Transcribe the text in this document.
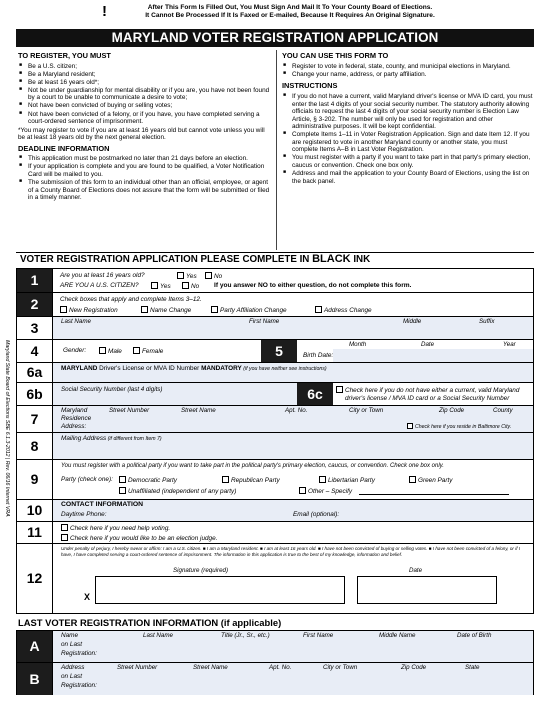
!	After This Form Is Filled Out, You Must Sign And Mail It To Your County Board of Elections.
It Cannot Be Processed If It Is Faxed or E-mailed, Because It Requires An Original Signature.
MARYLAND VOTER REGISTRATION APPLICATION
TO REGISTER, YOU MUST
■ Be a U.S. citizen;
■ Be a Maryland resident;
■ Be at least 16 years old*;
■ Not be under guardianship for mental disability or if you are, you have not been found by a court to be unable to communicate a desire to vote;
■ Not have been convicted of buying or selling votes;
■ Not have been convicted of a felony, or if you have, you have completed serving a court-ordered sentence of imprisonment.

*You may register to vote if you are at least 16 years old but cannot vote unless you will be at least 18 years old by the next general election.

DEADLINE INFORMATION
■ This application must be postmarked no later than 21 days before an election.
■ If your application is complete and you are found to be qualified, a Voter Notification Card will be mailed to you.
■ The submission of this form to an individual other than an official, employee, or agent of a County Board of Elections does not assure that the form will be submitted or filed in a timely manner.
YOU CAN USE THIS FORM TO
■ Register to vote in federal, state, county, and municipal elections in Maryland.
■ Change your name, address, or party affiliation.
INSTRUCTIONS
■ If you do not have a current, valid Maryland driver's license or MVA ID card, you must enter the last 4 digits of your social security number. The statutory authority allowing officials to request the last 4 digits of your social security number is Election Law Article, § 3-202. The number will only be used for registration and other administrative purposes. It will be kept confidential.
■ Complete Items 1–11 in Voter Registration Application. Sign and date Item 12. If you are registered to vote in another Maryland county or another state, you must complete Items A–B in Last Voter Registration.
■ You must register with a party if you want to take part in that party's primary election, caucus or convention. Check one box only.
■ Address and mail the application to your County Board of Elections, using the list on the back panel.
VOTER REGISTRATION APPLICATION PLEASE COMPLETE IN BLACK INK
Maryland State Board of Elections SBE 6.1.3-2012 | Rev. 06/16 Internet VRA
1	Are you at least 16 years old?	Yes	No
ARE YOU A U.S. CITIZEN?	Yes	No If you answer NO to either question, do not complete this form.
2	Check boxes that apply and complete Items 3–12.
New Registration	Name Change	Party Affiliation Change	Address Change
3	Last Name	First Name	Middle	Suffix
4	Gender:	Male	Female	5	Month	Date	Year
Birth Date:
6a	MARYLAND Driver's License or MVA ID Number MANDATORY (if you have neither see instructions)
6b	Social Security Number (last 4 digits)	6c	Check here if you do not have either a current, valid Maryland
driver's license / MVA ID card or a Social Security Number
7
Maryland
Residence
Address:
Street Number	Street Name	Apt. No.	City or Town	Zip Code	County
Check here if you reside in Baltimore City.
8	Mailing Address (if different from Item 7)
9
You must register with a political party if you want to take part in the political party's primary election, caucus, or convention. Check one box only.
Party (check one):	Democratic Party	Republican Party	Libertarian Party	Green Party
Unaffiliated (independent of any party)	Other – Specify
10	CONTACT INFORMATION
Daytime Phone:	Email (optional):
11	Check here if you need help voting.
Check here if you would like to be an election judge.
12
Under penalty of perjury, I hereby swear or affirm: I am a U.S. citizen. ■ I am a Maryland resident. ■ I am at least 16 years old. ■ I have not been convicted of buying or selling votes. ■ I have not been convicted of a felony, or if I have, I have completed serving a court-ordered sentence of imprisonment. The information in this application is true to the best of my knowledge, information and belief.
Signature (required)	Date
X
LAST VOTER REGISTRATION INFORMATION (if applicable)
A
Name
on Last
Registration:
Last Name	Title (Jr., Sr., etc.)	First Name	Middle Name	Date of Birth
B
Address
on Last
Registration:
Street Number	Street Name	Apt. No.	City or Town	Zip Code	State
